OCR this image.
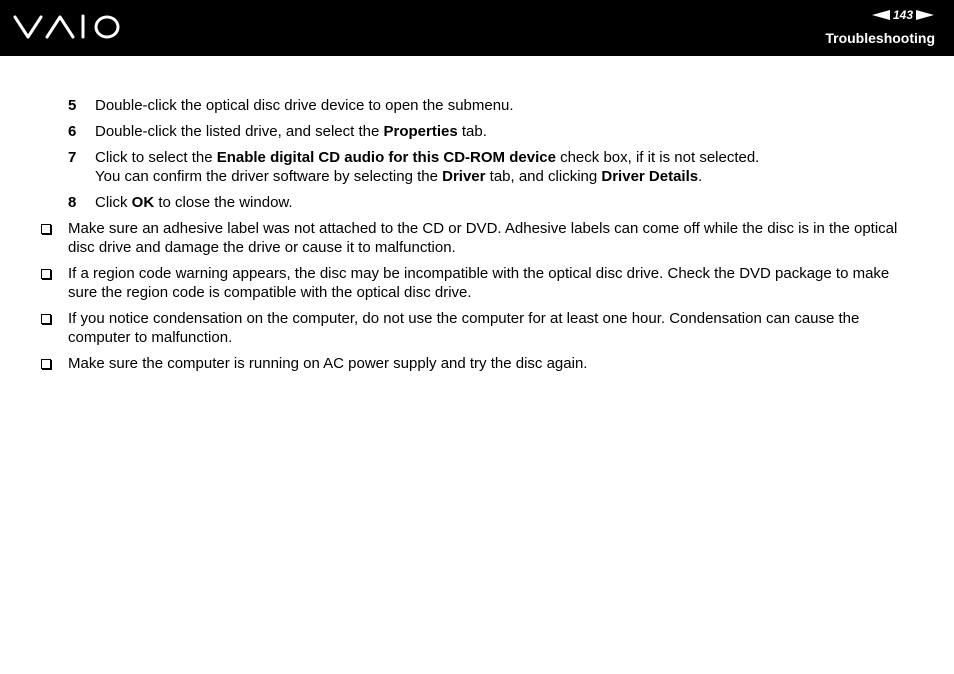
VAIO	143
Troubleshooting
5 Double-click the optical disc drive device to open the submenu.
6 Double-click the listed drive, and select the Properties tab.
7 Click to select the Enable digital CD audio for this CD-ROM device check box, if it is not selected.
You can confirm the driver software by selecting the Driver tab, and clicking Driver Details.
8 Click OK to close the window.
Make sure an adhesive label was not attached to the CD or DVD. Adhesive labels can come off while the disc is in the optical disc drive and damage the drive or cause it to malfunction.
If a region code warning appears, the disc may be incompatible with the optical disc drive. Check the DVD package to make sure the region code is compatible with the optical disc drive.
If you notice condensation on the computer, do not use the computer for at least one hour. Condensation can cause the computer to malfunction.
Make sure the computer is running on AC power supply and try the disc again.
